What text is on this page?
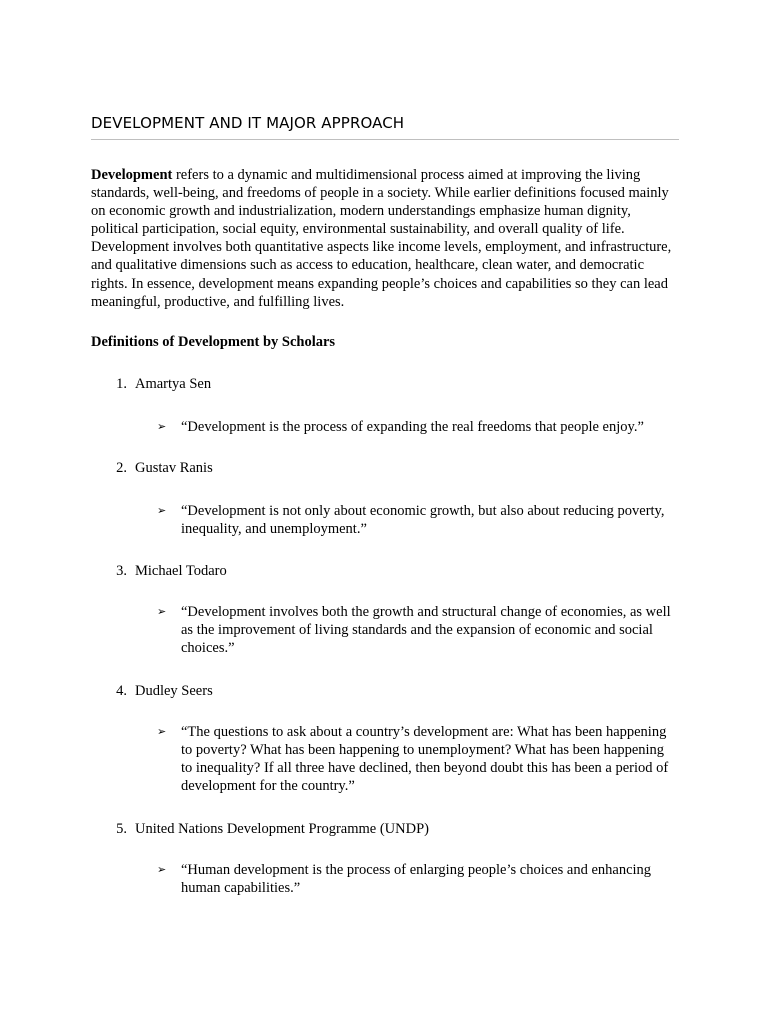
DEVELOPMENT AND IT MAJOR APPROACH

Development refers to a dynamic and multidimensional process aimed at improving the living standards, well-being, and freedoms of people in a society. While earlier definitions focused mainly on economic growth and industrialization, modern understandings emphasize human dignity, political participation, social equity, environmental sustainability, and overall quality of life. Development involves both quantitative aspects like income levels, employment, and infrastructure, and qualitative dimensions such as access to education, healthcare, clean water, and democratic rights. In essence, development means expanding people’s choices and capabilities so they can lead meaningful, productive, and fulfilling lives.

Definitions of Development by Scholars
1. Amartya Sen
➢ “Development is the process of expanding the real freedoms that people enjoy.”
2. Gustav Ranis
➢ “Development is not only about economic growth, but also about reducing poverty, inequality, and unemployment.”
3. Michael Todaro
➢ “Development involves both the growth and structural change of economies, as well as the improvement of living standards and the expansion of economic and social choices.”
4. Dudley Seers
➢ “The questions to ask about a country’s development are: What has been happening to poverty? What has been happening to unemployment? What has been happening to inequality? If all three have declined, then beyond doubt this has been a period of development for the country.”
5. United Nations Development Programme (UNDP)
➢ “Human development is the process of enlarging people’s choices and enhancing human capabilities.”
